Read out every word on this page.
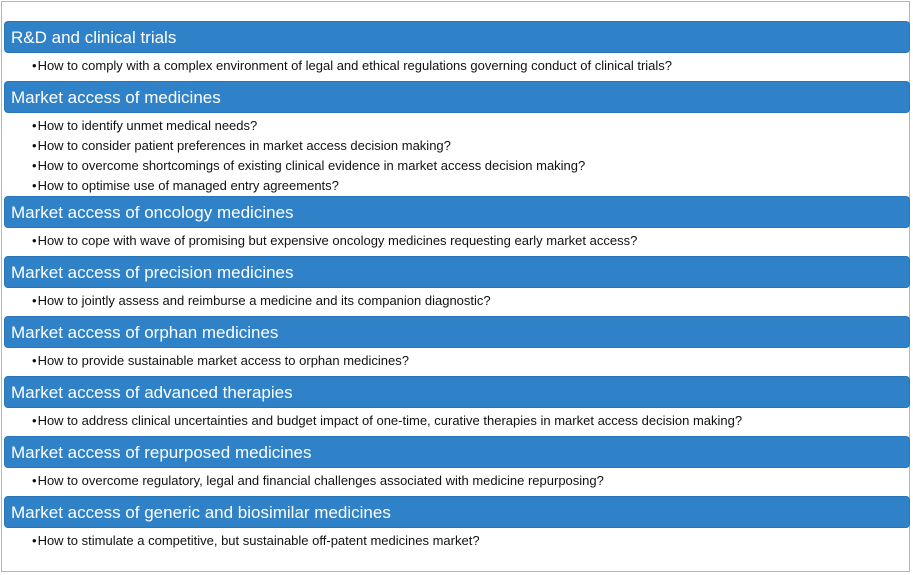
R&D and clinical trials
•How to comply with a complex environment of legal and ethical regulations governing conduct of clinical trials?
Market access of medicines
•How to identify unmet medical needs?
•How to consider patient preferences in market access decision making?
•How to overcome shortcomings of existing clinical evidence in market access decision making?
•How to optimise use of managed entry agreements?
Market access of oncology medicines
•How to cope with wave of promising but expensive oncology medicines requesting early market access?
Market access of precision medicines
•How to jointly assess and reimburse a medicine and its companion diagnostic?
Market access of orphan medicines
•How to provide sustainable market access to orphan medicines?
Market access of advanced therapies
•How to address clinical uncertainties and budget impact of one-time, curative therapies in market access decision making?
Market access of repurposed medicines
•How to overcome regulatory, legal and financial challenges associated with medicine repurposing?
Market access of generic and biosimilar medicines
•How to stimulate a competitive, but sustainable off-patent medicines market?
